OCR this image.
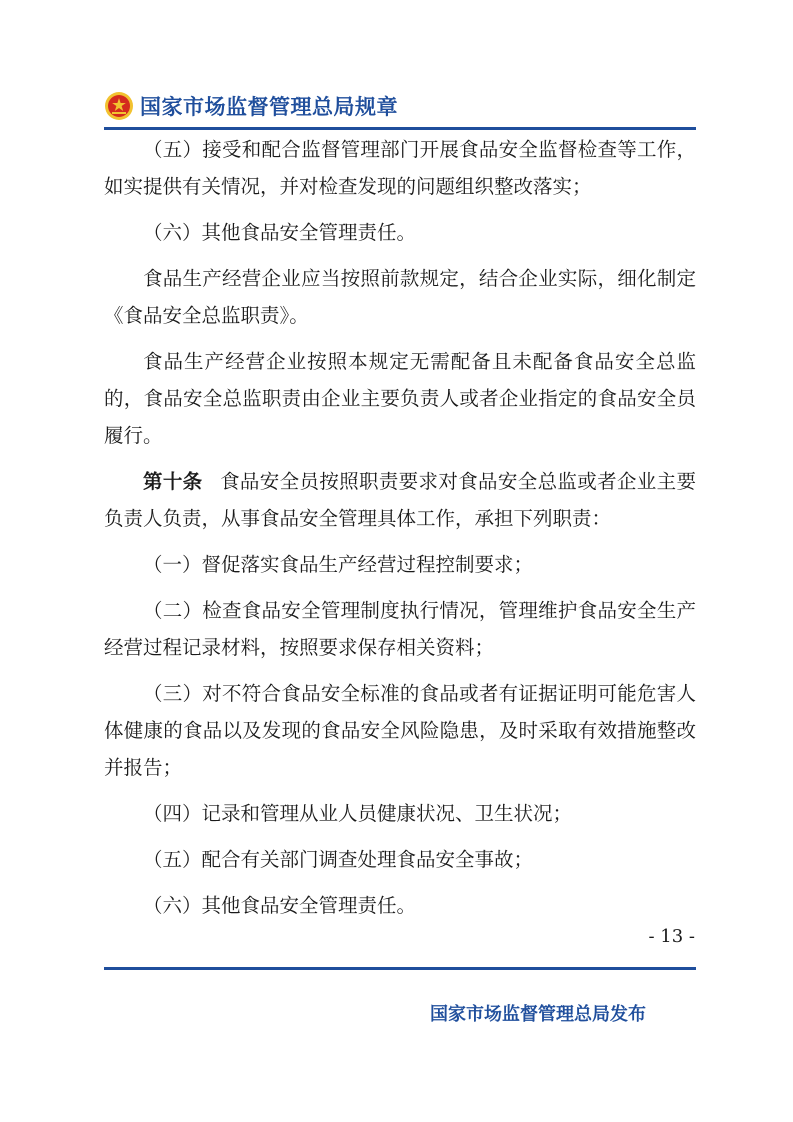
国家市场监督管理总局规章

（五）接受和配合监督管理部门开展食品安全监督检查等工作，如实提供有关情况，并对检查发现的问题组织整改落实；

（六）其他食品安全管理责任。

食品生产经营企业应当按照前款规定，结合企业实际，细化制定《食品安全总监职责》。

食品生产经营企业按照本规定无需配备且未配备食品安全总监的，食品安全总监职责由企业主要负责人或者企业指定的食品安全员履行。

第十条 食品安全员按照职责要求对食品安全总监或者企业主要负责人负责，从事食品安全管理具体工作，承担下列职责：

（一）督促落实食品生产经营过程控制要求；

（二）检查食品安全管理制度执行情况，管理维护食品安全生产经营过程记录材料，按照要求保存相关资料；

（三）对不符合食品安全标准的食品或者有证据证明可能危害人体健康的食品以及发现的食品安全风险隐患，及时采取有效措施整改并报告；

（四）记录和管理从业人员健康状况、卫生状况；

（五）配合有关部门调查处理食品安全事故；

（六）其他食品安全管理责任。

- 13 -
国家市场监督管理总局发布
